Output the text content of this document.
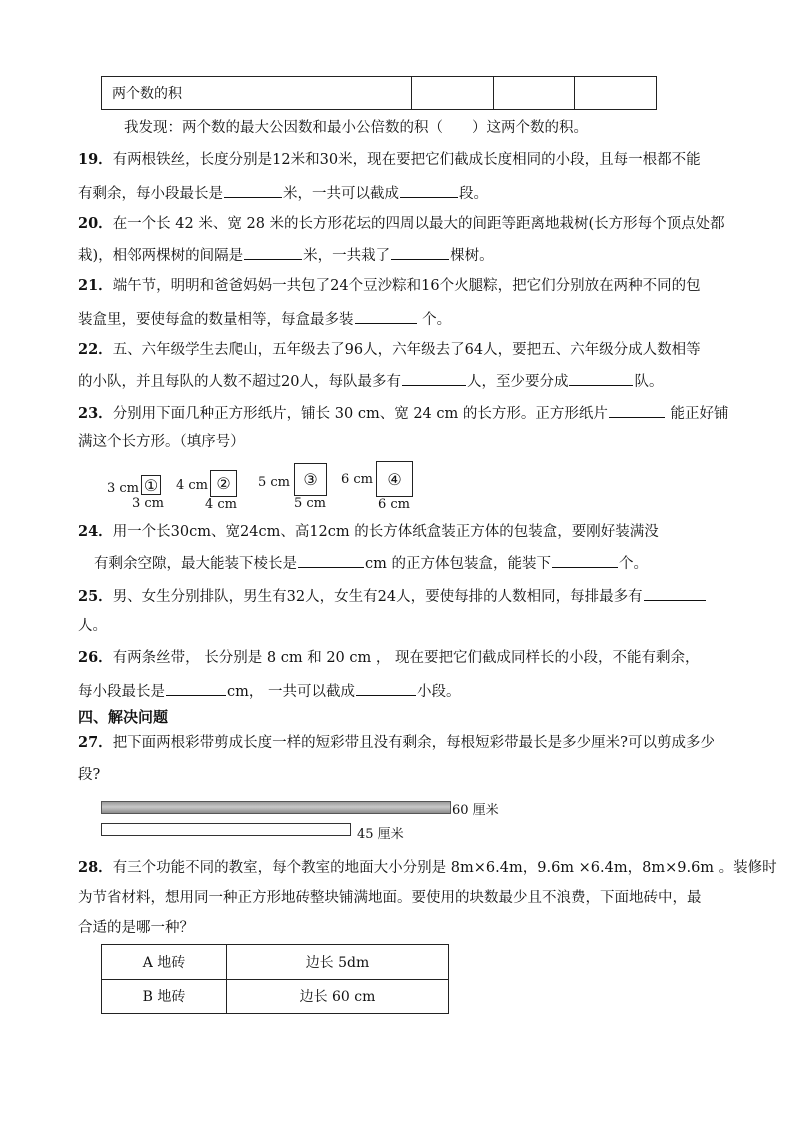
两个数的积			
我发现：两个数的最大公因数和最小公倍数的积（　　）这两个数的积。
19．有两根铁丝，长度分别是12米和30米，现在要把它们截成长度相同的小段，且每一根都不能
有剩余，每小段最长是	米，一共可以截成	段。
20．在一个长 42 米、宽 28 米的长方形花坛的四周以最大的间距等距离地栽树(长方形每个顶点处都
栽)，相邻两棵树的间隔是	米，一共栽了	棵树。
21．端午节，明明和爸爸妈妈一共包了24个豆沙粽和16个火腿粽，把它们分别放在两种不同的包
装盒里，要使每盒的数量相等，每盒最多装	个。
22．五、六年级学生去爬山，五年级去了96人，六年级去了64人，要把五、六年级分成人数相等
的小队，并且每队的人数不超过20人，每队最多有	人，至少要分成	队。
23．分别用下面几种正方形纸片，铺长 30 cm、宽 24 cm 的长方形。正方形纸片	能正好铺
满这个长方形。（填序号）
3 cm ①
3 cm
4 cm ②
4 cm
5 cm ③
5 cm
6 cm ④
6 cm
24．用一个长30cm、宽24cm、高12cm 的长方体纸盒装正方体的包装盒，要刚好装满没
有剩余空隙，最大能装下棱长是	cm 的正方体包装盒，能装下	个。
25．男、女生分别排队，男生有32人，女生有24人，要使每排的人数相同，每排最多有
人。
26．有两条丝带， 长分别是 8 cm 和 20 cm ， 现在要把它们截成同样长的小段，不能有剩余，
每小段最长是	cm， 一共可以截成	小段。
四、解决问题
27．把下面两根彩带剪成长度一样的短彩带且没有剩余，每根短彩带最长是多少厘米?可以剪成多少
段?
60 厘米
45 厘米
28．有三个功能不同的教室，每个教室的地面大小分别是 8m×6.4m，9.6m ×6.4m，8m×9.6m 。装修时
为节省材料，想用同一种正方形地砖整块铺满地面。要使用的块数最少且不浪费，下面地砖中，最
合适的是哪一种？
A 地砖	边长 5dm
B 地砖	边长 60 cm
